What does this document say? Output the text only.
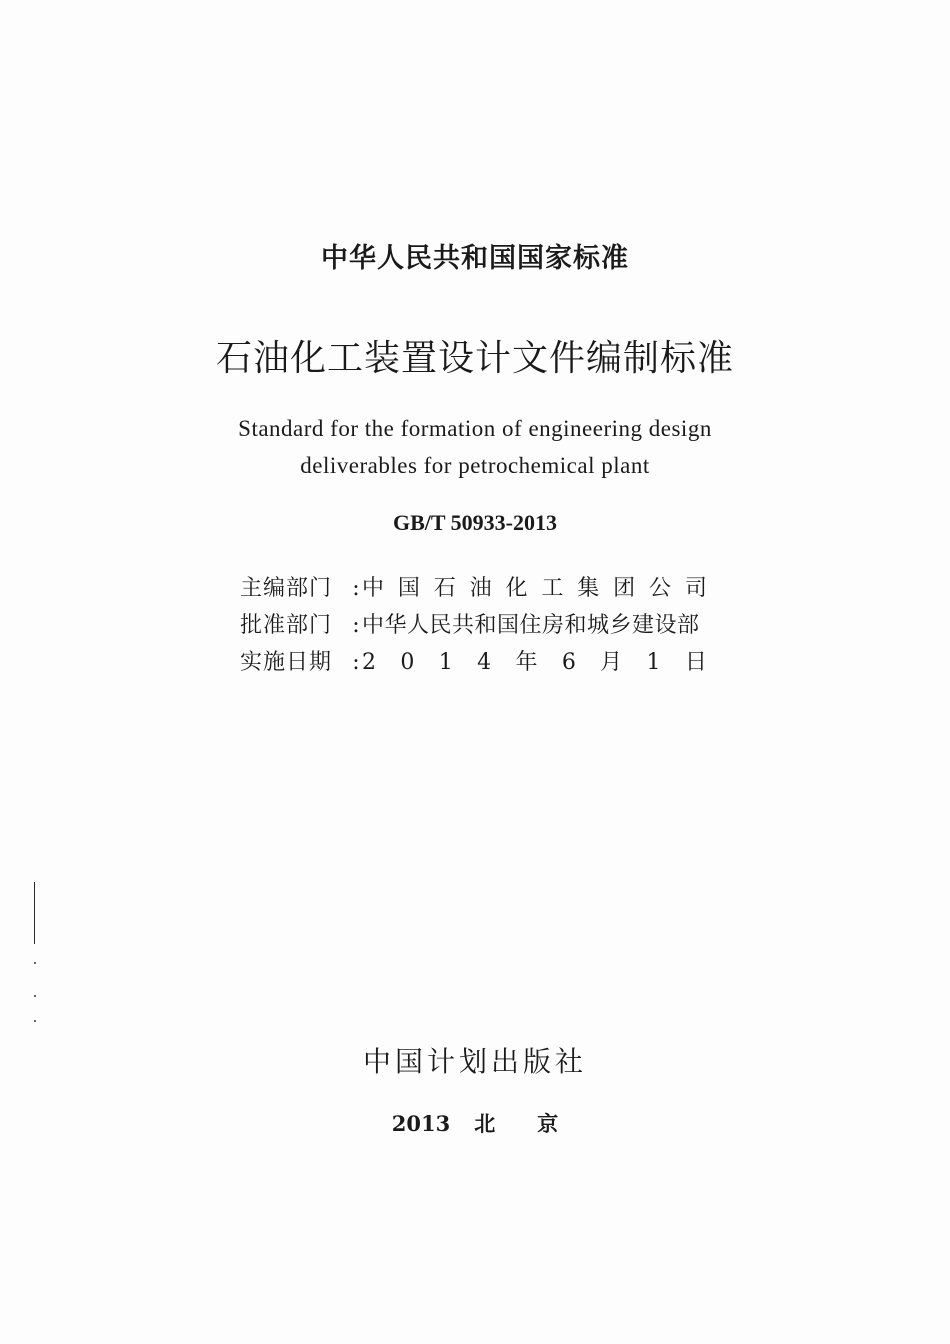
中华人民共和国国家标准
石油化工装置设计文件编制标准
Standard for the formation of engineering design
deliverables for petrochemical plant
GB/T 50933-2013
主编部门 : 中 国 石 油 化 工 集 团 公 司
批准部门 : 中华人民共和国住房和城乡建设部
实施日期 : 2 0 1 4 年 6 月 1 日
中国计划出版社
2013 北 京
